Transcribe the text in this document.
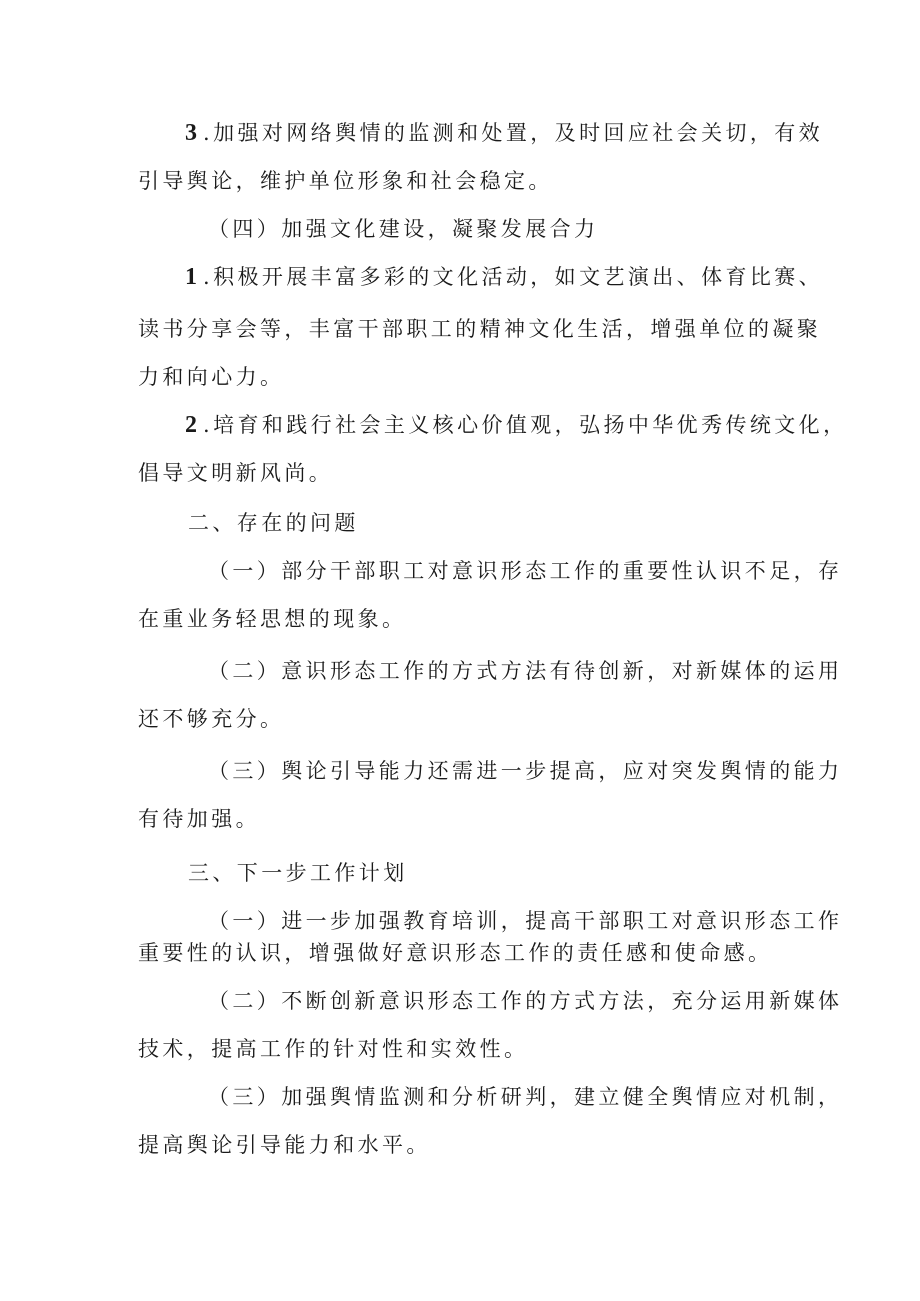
3 .加强对网络舆情的监测和处置，及时回应社会关切，有效
引导舆论，维护单位形象和社会稳定。
（四）加强文化建设，凝聚发展合力
1 .积极开展丰富多彩的文化活动，如文艺演出、体育比赛、
读书分享会等，丰富干部职工的精神文化生活，增强单位的凝聚
力和向心力。
2 .培育和践行社会主义核心价值观，弘扬中华优秀传统文化，
倡导文明新风尚。
二、存在的问题
（一）部分干部职工对意识形态工作的重要性认识不足，存
在重业务轻思想的现象。
（二）意识形态工作的方式方法有待创新，对新媒体的运用
还不够充分。
（三）舆论引导能力还需进一步提高，应对突发舆情的能力
有待加强。
三、下一步工作计划
（一）进一步加强教育培训，提高干部职工对意识形态工作
重要性的认识，增强做好意识形态工作的责任感和使命感。
（二）不断创新意识形态工作的方式方法，充分运用新媒体
技术，提高工作的针对性和实效性。
（三）加强舆情监测和分析研判，建立健全舆情应对机制，
提高舆论引导能力和水平。
